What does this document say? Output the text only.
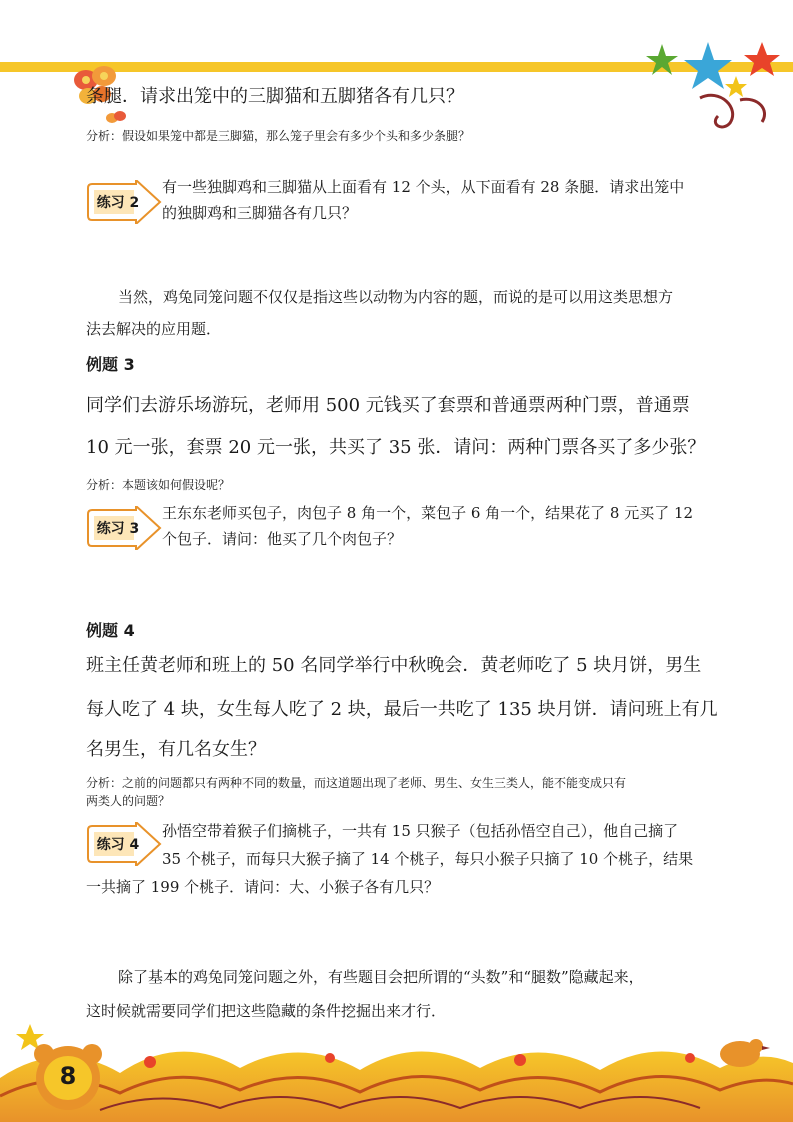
条腿．请求出笼中的三脚猫和五脚猪各有几只？

分析：假设如果笼中都是三脚猫，那么笼子里会有多少个头和多少条腿？

练习 2

有一些独脚鸡和三脚猫从上面看有 12 个头，从下面看有 28 条腿．请求出笼中

的独脚鸡和三脚猫各有几只？

当然，鸡兔同笼问题不仅仅是指这些以动物为内容的题，而说的是可以用这类思想方

法去解决的应用题．

例题 3

同学们去游乐场游玩，老师用 500 元钱买了套票和普通票两种门票，普通票

10 元一张，套票 20 元一张，共买了 35 张．请问：两种门票各买了多少张？

分析：本题该如何假设呢？

练习 3

王东东老师买包子，肉包子 8 角一个，菜包子 6 角一个，结果花了 8 元买了 12

个包子．请问：他买了几个肉包子？

例题 4

班主任黄老师和班上的 50 名同学举行中秋晚会．黄老师吃了 5 块月饼，男生

每人吃了 4 块，女生每人吃了 2 块，最后一共吃了 135 块月饼．请问班上有几

名男生，有几名女生？

分析：之前的问题都只有两种不同的数量，而这道题出现了老师、男生、女生三类人，能不能变成只有

两类人的问题？

练习 4

孙悟空带着猴子们摘桃子，一共有 15 只猴子（包括孙悟空自己），他自己摘了

35 个桃子，而每只大猴子摘了 14 个桃子，每只小猴子只摘了 10 个桃子，结果

一共摘了 199 个桃子．请问：大、小猴子各有几只？

除了基本的鸡兔同笼问题之外，有些题目会把所谓的“头数”和“腿数”隐藏起来，

这时候就需要同学们把这些隐藏的条件挖掘出来才行．

8
